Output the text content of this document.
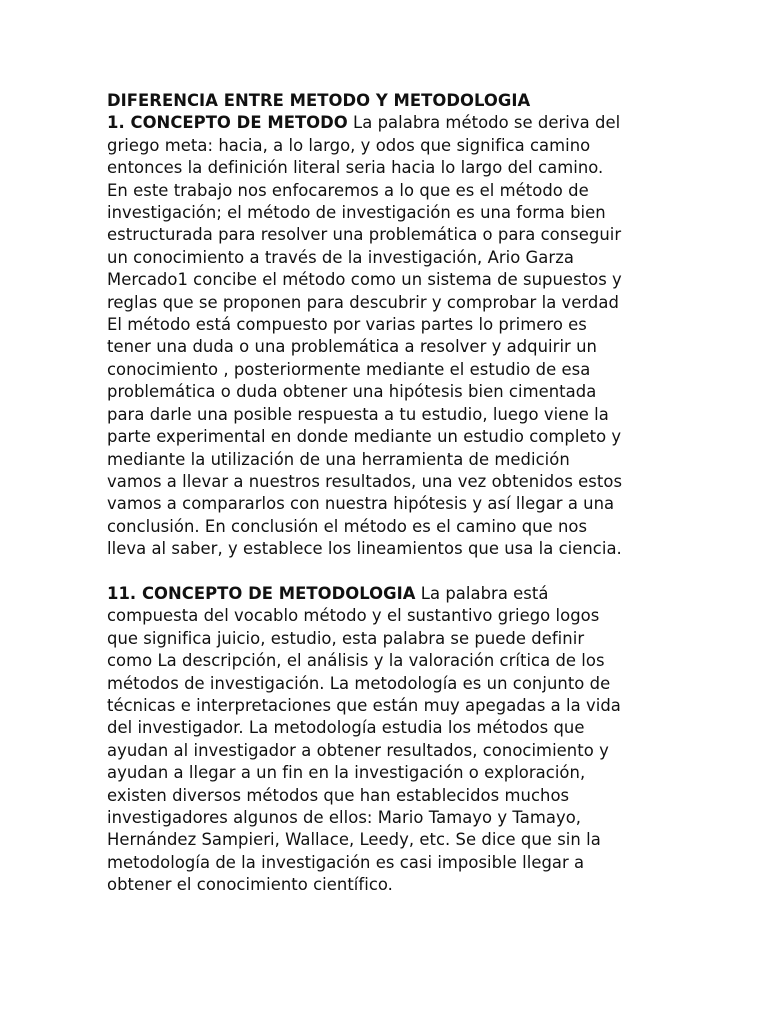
DIFERENCIA ENTRE METODO Y METODOLOGIA
1. CONCEPTO DE METODO La palabra método se deriva del
griego meta: hacia, a lo largo, y odos que significa camino
entonces la definición literal seria hacia lo largo del camino.
En este trabajo nos enfocaremos a lo que es el método de
investigación; el método de investigación es una forma bien
estructurada para resolver una problemática o para conseguir
un conocimiento a través de la investigación, Ario Garza
Mercado1 concibe el método como un sistema de supuestos y
reglas que se proponen para descubrir y comprobar la verdad
El método está compuesto por varias partes lo primero es
tener una duda o una problemática a resolver y adquirir un
conocimiento , posteriormente mediante el estudio de esa
problemática o duda obtener una hipótesis bien cimentada
para darle una posible respuesta a tu estudio, luego viene la
parte experimental en donde mediante un estudio completo y
mediante la utilización de una herramienta de medición
vamos a llevar a nuestros resultados, una vez obtenidos estos
vamos a compararlos con nuestra hipótesis y así llegar a una
conclusión. En conclusión el método es el camino que nos
lleva al saber, y establece los lineamientos que usa la ciencia.
11. CONCEPTO DE METODOLOGIA La palabra está
compuesta del vocablo método y el sustantivo griego logos
que significa juicio, estudio, esta palabra se puede definir
como La descripción, el análisis y la valoración crítica de los
métodos de investigación. La metodología es un conjunto de
técnicas e interpretaciones que están muy apegadas a la vida
del investigador. La metodología estudia los métodos que
ayudan al investigador a obtener resultados, conocimiento y
ayudan a llegar a un fin en la investigación o exploración,
existen diversos métodos que han establecidos muchos
investigadores algunos de ellos: Mario Tamayo y Tamayo,
Hernández Sampieri, Wallace, Leedy, etc. Se dice que sin la
metodología de la investigación es casi imposible llegar a
obtener el conocimiento científico.
